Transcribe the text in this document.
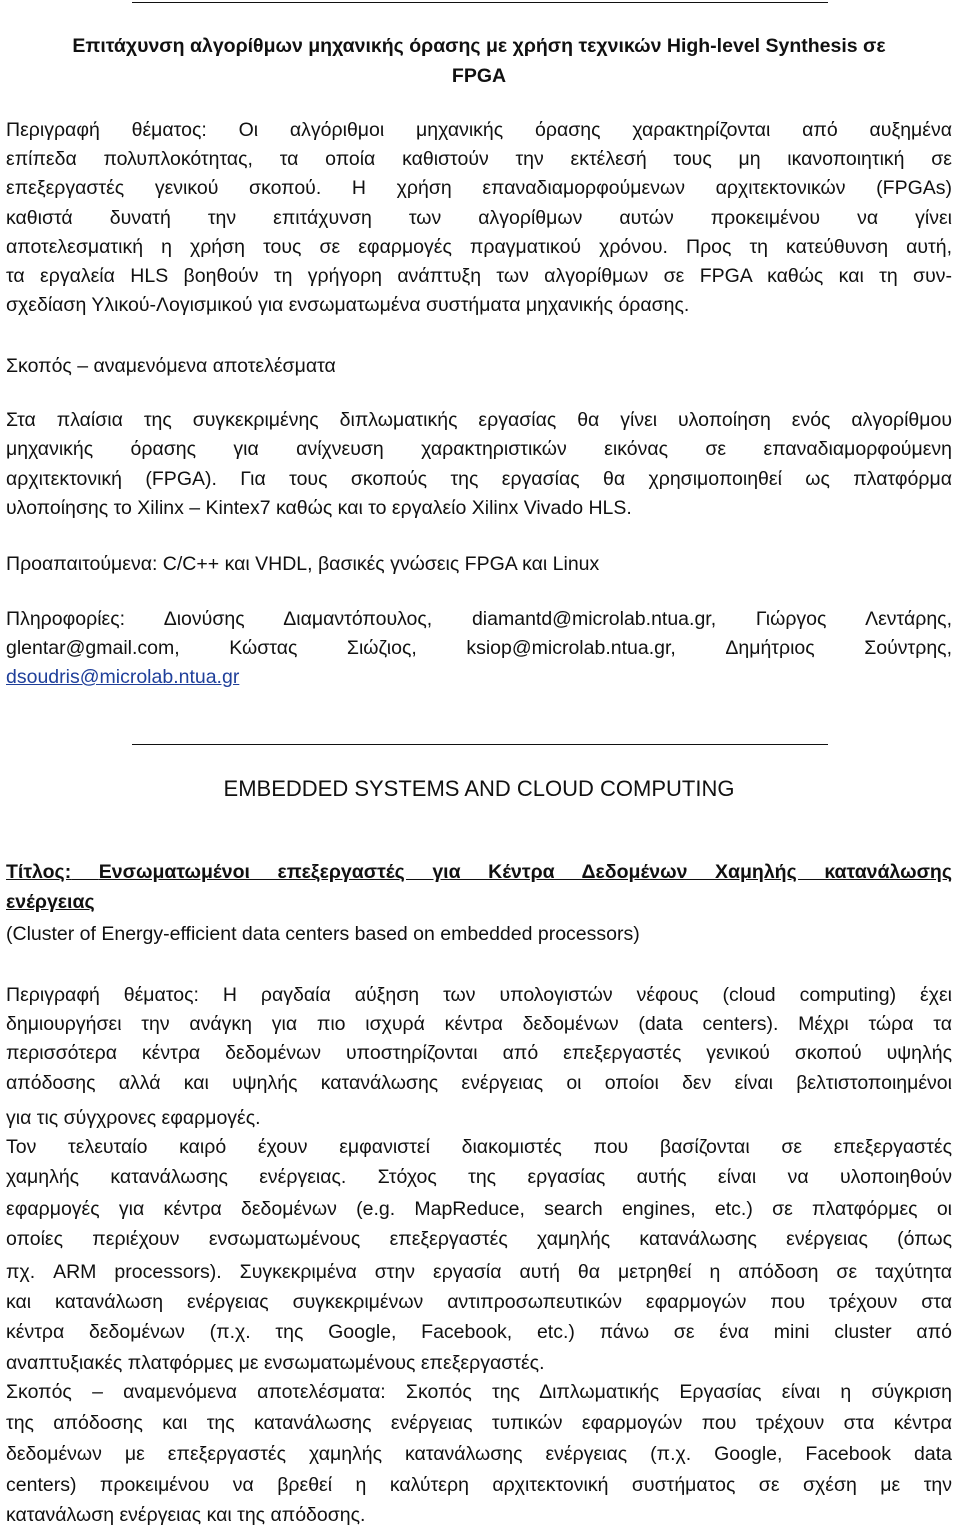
Επιτάχυνση αλγορίθμων μηχανικής όρασης με χρήση τεχνικών High-level Synthesis σε
FPGA
Περιγραφή θέματος: Οι αλγόριθμοι μηχανικής όρασης χαρακτηρίζονται από αυξημένα
επίπεδα πολυπλοκότητας, τα οποία καθιστούν την εκτέλεσή τους μη ικανοποιητική σε
επεξεργαστές γενικού σκοπού. Η χρήση επαναδιαμορφούμενων αρχιτεκτονικών (FPGAs)
καθιστά δυνατή την επιτάχυνση των αλγορίθμων αυτών προκειμένου να γίνει
αποτελεσματική η χρήση τους σε εφαρμογές πραγματικού χρόνου. Προς τη κατεύθυνση αυτή,
τα εργαλεία HLS βοηθούν τη γρήγορη ανάπτυξη των αλγορίθμων σε FPGA καθώς και τη συν-
σχεδίαση Υλικού-Λογισμικού για ενσωματωμένα συστήματα μηχανικής όρασης.
Σκοπός – αναμενόμενα αποτελέσματα
Στα πλαίσια της συγκεκριμένης διπλωματικής εργασίας θα γίνει υλοποίηση ενός αλγορίθμου
μηχανικής όρασης για ανίχνευση χαρακτηριστικών εικόνας σε επαναδιαμορφούμενη
αρχιτεκτονική (FPGA). Για τους σκοπούς της εργασίας θα χρησιμοποιηθεί ως πλατφόρμα
υλοποίησης το Xilinx – Kintex7 καθώς και το εργαλείο Xilinx Vivado HLS.
Προαπαιτούμενα: C/C++ και VHDL, βασικές γνώσεις FPGA και Linux
Πληροφορίες: Διονύσης Διαμαντόπουλος, diamantd@microlab.ntua.gr, Γιώργος Λεντάρης,
glentar@gmail.com, Κώστας Σιώζιος, ksiop@microlab.ntua.gr, Δημήτριος Σούντρης,
dsoudris@microlab.ntua.gr
EMBEDDED SYSTEMS AND CLOUD COMPUTING
Τίτλος: Ενσωματωμένοι επεξεργαστές για Κέντρα Δεδομένων Χαμηλής κατανάλωσης
ενέργειας
(Cluster of Energy-efficient data centers based on embedded processors)
Περιγραφή θέματος: Η ραγδαία αύξηση των υπολογιστών νέφους (cloud computing) έχει
δημιουργήσει την ανάγκη για πιο ισχυρά κέντρα δεδομένων (data centers). Μέχρι τώρα τα
περισσότερα κέντρα δεδομένων υποστηρίζονται από επεξεργαστές γενικού σκοπού υψηλής
απόδοσης αλλά και υψηλής κατανάλωσης ενέργειας οι οποίοι δεν είναι βελτιστοποιημένοι
για τις σύγχρονες εφαρμογές.
Τον τελευταίο καιρό έχουν εμφανιστεί διακομιστές που βασίζονται σε επεξεργαστές
χαμηλής κατανάλωσης ενέργειας. Στόχος της εργασίας αυτής είναι να υλοποιηθούν
εφαρμογές για κέντρα δεδομένων (e.g. MapReduce, search engines, etc.) σε πλατφόρμες οι
οποίες περιέχουν ενσωματωμένους επεξεργαστές χαμηλής κατανάλωσης ενέργειας (όπως
πχ. ARM processors). Συγκεκριμένα στην εργασία αυτή θα μετρηθεί η απόδοση σε ταχύτητα
και κατανάλωση ενέργειας συγκεκριμένων αντιπροσωπευτικών εφαρμογών που τρέχουν στα
κέντρα δεδομένων (π.χ. της Google, Facebook, etc.) πάνω σε ένα mini cluster από
αναπτυξιακές πλατφόρμες με ενσωματωμένους επεξεργαστές.
Σκοπός – αναμενόμενα αποτελέσματα: Σκοπός της Διπλωματικής Εργασίας είναι η σύγκριση
της απόδοσης και της κατανάλωσης ενέργειας τυπικών εφαρμογών που τρέχουν στα κέντρα
δεδομένων με επεξεργαστές χαμηλής κατανάλωσης ενέργειας (π.χ. Google, Facebook data
centers) προκειμένου να βρεθεί η καλύτερη αρχιτεκτονική συστήματος σε σχέση με την
κατανάλωση ενέργειας και της απόδοσης.
